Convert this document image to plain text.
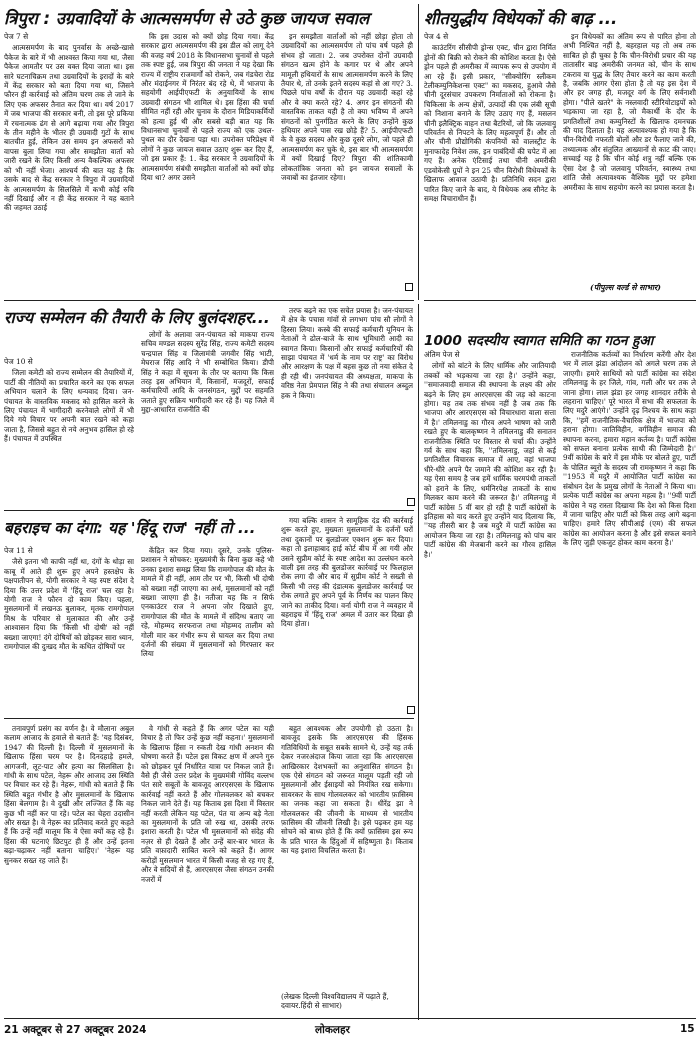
त्रिपुरा : उग्रवादियों के आत्मसमर्पण से उठे कुछ जायज सवाल
पेज 7 से

आत्मसमर्पण के बाद पुनर्वास के अच्छे-खासे पैकेज के बारे में भी आश्वस्त किया गया था, जैसा पैकेज आमतौर पर उस वक्त दिया जाता था। इस सारे घटनाचिक्रम तथा उग्रवादियों के इरादों के बारे में केंद्र सरकार को बता दिया गया था, जिसने फौरन ही कार्रवाई को अंतिम चरण तक ले जाने के लिए एक अफसर तैनात कर दिया था। वर्ष 2017 में जब भाजपा की सरकार बनी, तो इस पूरे प्रकिया में रचनात्मक ढंग से आगे बढ़ाया गया और त्रिपुरा के तीन महीने के भीतर ही उग्रवादी गुटों के साथ बातचीत हुई, लेकिन उस समय इन अफसरों को वापस बुला लिया गया और समझौता वार्ता को जारी रखने के लिए किसी अन्य वैकल्पिक अफसर को भी नहीं भेजा। आश्चर्य की बात यह है कि उसके बाद से केंद्र सरकार ने त्रिपुरा में उग्रवादियों के आत्मसमर्पण के सिलसिले में कभी कोई रुचि नहीं दिखाई और न ही केंद्र सरकार ने यह बताने की जहमत उठाई

कि इस उदास को क्यों छोड़ दिया गया। केंद्र सरकार द्वारा आत्मसमर्पण की इस डील को लागू देने की वजह वर्ष 2018 के विधानसभा चुनावों से पहले तक स्पष्ट हुई, जब त्रिपुरा की जनता ने यह देखा कि राज्य में राष्ट्रीय राजमार्गों को रोकने, जब गंडचेरा रोड और मंदाईनगर में निरंतर बंद रहे थे, में भाजपा के सहयोगी आईपीएफटी के अनुयायियों के साथ उग्रवादी संगठन भी शामिल थे। इस हिंसा की चर्चा सीमित नहीं रही और चुनाव के दौरान मिडियाकर्मियों को हत्या हुई थी और सबसे बड़ी बात यह कि विधानसभा चुनावों से पहले राज्य को एक उथल-पुथल का दौर देखना पड़ा था। उपरोक्त परिप्रेक्ष्य में लोगों ने कुछ जायज सवाल उठाए शुरू कर दिए हैं, जो इस प्रकार हैं: 1. केंद्र सरकार ने उग्रवादियों के आत्मसमर्पण संबंधी समझौता वार्ताओं को क्यों छोड़ दिया था? अगर उसने

इन समझौता वार्ताओं को नहीं छोड़ा होता तो उग्रवादियों का आत्मसमर्पण तो पांच वर्ष पहले ही संभव हो जाता। 2. जब उपरोक्त दोनों उग्रवादी संगठन खत्म होने के कगार पर थे और अपने मामूली हथियारों के साथ आत्मसमर्पण करने के लिए तैयार थे, तो उनके इतने सदस्य कहां से आ गए? 3. पिछले पांच वर्षों के दौरान यह उग्रवादी कहां रहे और वे क्या करते रहे? 4. अगर इन संगठनों की वास्तविक ताकत यही है तो क्या भविष्य में अपने संगठनों को पुनर्गठित करने के लिए उन्होंने कुछ हथियार अपने पास रख छोड़े हैं? 5. आईपीएफटी के वे कुछ सदस्य और कुछ दूसरे लोग, जो पहले ही आत्मसमर्पण कर चुके थे, इस बार भी आत्मसमर्पण में क्यों दिखाई दिए? त्रिपुरा की शांतिकामी लोकतांत्रिक जनता को इन जायज सवालों के जवाबों का इंतजार रहेगा।

शीतयुद्धीय विधेयकों की बाढ़ ...
पेज 4 से

काउंटरिंग सीसीपी ड्रोन्स एक्ट, चीन द्वारा निर्मित ड्रोनों की बिक्री को रोकने की कोशिश करता है। ऐसे ड्रोन पहले ही अमरीका में व्यापक रूप से उपयोग में आ रहे हैं। इसी प्रकार, "सीक्योरिंग स्लीकम टेलीकम्युनिकेशन्स एक्ट" का मकसद, हुआवे जैसे चीनी दूरसंचार उपकरण निर्माताओं को रोकना है। चिकित्सा के अन्य क्षेत्रों, उत्पादों की एक लंबी सूची को निशाना बनाने के लिए उठाए गए हैं, मसलन चीनी इलैक्ट्रिक वाहन तथा बैटरियों, जो कि जलवायु परिवर्तन से निपटने के लिए महत्वपूर्ण हैं। और तो और चीनी प्रौद्योगिकी कंपनियों को वालस्ट्रीट के मुनाफादेह निवेश तक, इन पाबंदियों की चपेट में आ गए हैं। अनेक एंटिसाई तथा चीनी अमरीकी एडवोकेसी ग्रुपों ने इन 25 चीन विरोधी विधेयकों के खिलाफ आवाज उठायी है। प्रतिनिधि सदन द्वारा पारित किए जाने के बाद, ये विधेयक अब सीनेट के समक्ष विचाराधीन हैं।

इन विधेयकों का अंतिम रूप से पारित होना तो अभी निश्चित नहीं है, बहरहाल यह तो अब तक साबित हो ही चुका है कि चीन-विरोधी प्रचार की यह तातासीर बाइ अमरीकी जनमत को, चीन के साथ टकराव या युद्ध के लिए तैयार करने का काम करती है, जबकि आगर ऐसा होता है तो यह इस देश में और हर जगह ही, मजदूर वर्ग के लिए सर्वनाशी होगा। "पीले खतरे" के नस्लवादी स्टीरियोटाइपों को भड़काया जा रहा है, जो मैकार्थी के दौर के प्रगतिशीलों तथा कम्युनिस्टों के खिलाफ दमनचक्र की याद दिलाता है। यह अत्यावश्यक हो गया है कि चीन-विरोधी नफरती बोलों और डर फैलाए जाने की, तथ्यात्मक और संतुलित आख्यानों से काट की जाए। सच्चाई यह है कि चीन कोई शत्रु नहीं बल्कि एक ऐसा देश है जो जलवायु परिवर्तन, स्वास्थ्य तथा शांति जैसे अत्यावश्यक वैश्विक मुद्दों पर हमेशा अमरीका के साथ सहयोग करने का प्रयास करता है।

(पीपुल्स वर्ल्ड से साभार)
राज्य सम्मेलन की तैयारी के लिए बुलंदशहर...
पेज 10 से

जिला कमेटी को राज्य सम्मेलन की तैयारियों में, पार्टी की नीतियों का प्रचारित करने का एक सफल अभियान चलाने के लिए धन्यवाद दिया। जन-पंचायत के वास्तविक मकसद को हासिल करने के लिए पंचायत में भागीदारी करनेवाले लोगों में भी दिये गये विचार पर अपनी बात रखने को कहा जाता है, जिससे बहुत से नये अनुभव हासिल हो रहे हैं। पंचायत में उपस्थित

लोगों के अलावा जन-पंचायत को माकपा राज्य सचिव मण्डल सदस्य सुरेंद्र सिंह, राज्य कमेटी सदस्य चन्द्रपाल सिंह व जिलामंत्री जगवीर सिंह भाटी, मेघराज सिंह आदि ने भी सम्बोधित किया। डीपी सिंह ने कहा में सूचना के तौर पर बताया कि किस तरह इस अभियान में, किसानों, मजदूरों, सफाई कर्मचारियों आदि के जनसंगठन, मुद्दों पर सहमति जताते हुए सक्रिय भागीदारी कर रहे हैं। यह जिले में मुद्दा-आधारित राजनीति की

तरफ बढ़ने का एक सचेत प्रयास है। जन-पंचायत में क्षेत्र के पचास गांवों से लगभग पांच सौ लोगों ने हिस्सा लिया। कस्बे की सफाई कर्मचारी यूनियन के नेताओं ने ढोल-बाजे के साथ भूमिधारी आदी का स्वागत किया। किसानों और सफाई कर्मचारियों की साझा पंचायत में 'धर्म के नाम पर राष्ट्र' का विरोध और आरक्षण के पक्ष में बहस कुछ तो नया संकेत दे ही रही थी। जनपंचायत की अध्यक्षता, माकपा के वरिष्ठ नेता प्रेमपाल सिंह ने की तथा संचालन अब्दुल हक ने किया।

बहराइच का दंगा: यह 'हिंदू राज' नहीं तो ...
पेज 11 से

जैसे इतना भी काफी नहीं था, दंगों के थोड़ा सा काबू में आते ही शुरू हुए अपने हस्तक्षेप के पक्षपातीपन से, योगी सरकार ने यह स्पष्ट संदेश दे दिया कि उत्तर प्रदेश में 'हिंदू राज' चल रहा है। योगी राज ने फौरन दो काम किए। पहला, मुसलमानों में लखनऊ बुलाकर, मृतक रामगोपाल मिश्र के परिवार से मुलाकात की और उन्हें आश्वासन दिया कि 'किसी भी दोषी' को नहीं बख्शा जाएगा! दंगे दोषियों को छोड़कर सारा ध्यान, रामगोपाल की दुःखद मौत के कथित दोषियों पर

केंद्रित कर दिया गया। दूसरे, उनके पुलिस-प्रशासन ने सोचकर: मुख्यमंत्री के बिना कुछ कहे भी उनका इशारा समझ लिया कि रामगोपाल की मौत के मामले में ही नहीं, आम तौर पर भी, किसी भी दोषी को बख्शा नहीं जाएगा का अर्थ, मुसलमानों को नहीं बख्शा जाएगा ही है। नतीजा यह कि न सिर्फ एनकाउंटर राज ने अपना जोर दिखाते हुए, रामगोपाल की मौत के मामले में संदिग्ध बताए जा रहे, मोहम्मद सरफराज तथा मोहम्मद तालीम को गोली मार कर गंभीर रूप से घायल कर दिया तथा दर्जनों की संख्या में मुसलमानों को गिरफ्तार कर लिया

गया बल्कि शासन ने सामूहिक दंड की कार्रवाई शुरू करते हुए, मुख्यतः मुसलमानों के दर्जनों घरों तथा दुकानों पर बुलडोजर एक्शन शुरू कर दिया। कहा तो इलाहाबाद हाई कोर्ट बीच में आ गयी और उसने सुप्रीम कोर्ट के स्पष्ट आदेश का उल्लंघन करने वाली इस तरह की बुलडोजर कार्रवाई पर फिलहाल रोक लगा दी और बाद में सुप्रीम कोर्ट ने सख्ती से किसी भी तरह की दंडात्मक बुलडोजर कार्रवाई पर रोक लगाते हुए अपने पूर्व के निर्णय का पालन किए जाने का ताकीद दिया। वर्ना योगी राज ने व्यवहार में बहराइच में 'हिंदू राज' अमल में उतार कर दिखा ही दिया होता।

1000 सदस्यीय स्वागत समिति का गठन हुआ
अंतिम पेज से

लोगों को बांटने के लिए धार्मिक और जातियादी तबकों को भड़काया जा रहा है।' उन्होंने कहा, ''समाजवादी समाज की स्थापना के लक्ष्य की ओर बढ़ने के लिए हम आरएसएस की जड़ को काटना होगा। यह तब तक संभव नहीं है जब तक कि भाजपा और आरएसएस को विचारधारा वाला सत्ता में है।' तमिलनाडु का गौरव अपने भाषण को जारी रखते हुए के बालकृष्णन ने तमिलनाडु की सनातन राजनीतिक स्थिति पर विस्तार से चर्चा की। उन्होंने गर्व के साथ कहा कि, ''तमिलनाडु, जहां से कई प्रगतिशील विचारक समाज में आए, वहां भाजपा धीरे-धीरे अपने पैर जमाने की कोशिश कर रही है। यह ऐसा समय है जब हमें धार्मिक चरमपंथी ताकतों को हराने के लिए, धर्मनिरपेक्ष ताकतों के साथ मिलकर काम करने की जरूरत है।' तमिलनाडु में पार्टी कांग्रेस 5 वीं बार हो रही है पार्टी कांग्रेसों के इतिहास को याद करते हुए उन्होंने याद दिलाया कि, ''यह तीसरी बार है जब मदुरै में पार्टी कांग्रेस का आयोजन किया जा रहा है। तमिलनाडु को पांच बार पार्टी कांग्रेस की मेजबानी करने का गौरव हासिल है।'

राजनीतिक कर्तव्यों का निर्धारण करेंगी और देश भर में लाल झंडा आंदोलन को अगले चरण तक ले जाएगी। हमारे साथियों को पार्टी कांग्रेस का संदेश तमिलनाडु के हर जिले, गांव, गली और घर तक ले जाना होगा। लाल झंडा हर जगह शानदार तरीके से लहराना चाहिए।' पूरे भारत में सभा की सफलता के लिए मदुरै आएंगे।' उन्होंने दृढ़ निश्चय के साथ कहा कि, ''हमें राजनीतिक-वैचारिक क्षेत्र में भाजपा को हराना होगा। जातिविहीन, वर्गविहीन समाज की स्थापना करना, हमारा महान कर्तव्य है। पार्टी कांग्रेस को सफल बनाना प्रत्येक साथी की जिम्मेदारी है।' 9वीं कांग्रेस के बारे में इस मौके पर बोलते हुए, पार्टी के पोलित ब्यूरो के सदस्य जी रामकृष्णन ने कहा कि ''1953 में मदुरै में आयोजित पार्टी कांग्रेस का संबोधन देश के प्रमुख लोगों के नेताओं ने किया था। प्रत्येक पार्टी कांग्रेस का अपना महत्व है। ''9वीं पार्टी कांग्रेस ने यह रास्ता दिखाया कि देश को किस दिशा में जाना चाहिए और पार्टी को किस तरह आगे बढ़ना चाहिए। हमारे लिए सीपीआई (एम) की सफल कांग्रेस का आयोजन करना है और इसे सफल बनाने के लिए जुड़ी एकजुट होकर काम करना है।'

तनावपूर्ण प्रसंग का वर्णन है। वे मौलाना अबुल कलाम आजाद के हवाले से बताते हैं: 'यह दिसंबर, 1947 की दिल्ली है। दिल्ली में मुसलमानों के खिलाफ हिंसा चरम पर है। दिनदहाड़े हमले, आगजनी, लूट-पाट और हत्या का सिलसिला है। गांधी के साथ पटेल, नेहरू और आजाद उस स्थिति पर विचार कर रहे हैं। नेहरू, गांधी को बताते हैं कि स्थिति बहुत गंभीर है और मुसलमानों के खिलाफ हिंसा बेलगाम है। वे दुखी और लज्जित हैं कि वह कुछ भी नहीं कर पा रहे। पटेल का चेहरा उदासीन और सख्त है। वे नेहरू का प्रतिवाद करते हुए कहते हैं कि उन्हें नहीं मालूम कि वे ऐसा क्यों कह रहे हैं। हिंसा की घटनाएं छिटपुट ही हैं और उन्हें इतना बढ़ा-चढ़ाकर नहीं बताना चाहिए।' 'नेहरू यह सुनकर सख्त रह जाते हैं।

वे गांधी से कहते हैं कि अगर पटेल का यही विचार है तो फिर उन्हें कुछ नहीं कहना।' मुसलमानों के खिलाफ हिंसा न रुकती देख गांधी अनशन की घोषणा करते हैं। पटेल इस विकट क्षण में अपने गुरु को छोड़कर पूर्व निर्धारित यात्रा पर निकल जाते हैं। वैसे ही जैसे उत्तर प्रदेश के मुख्यमंत्री गोविंद वल्लभ पंत सारे सबूतों के बावजूद आरएसएस के खिलाफ कार्रवाई नहीं करते हैं और गोलवलकर को बचकर निकल जाने देते हैं। यह किताब इस दिशा में विस्तार नहीं करती लेकिन यह पटेल, पंत या अन्य बड़े नेता का मुसलमानों के प्रति जो रुख था, उसकी तरफ इशारा करती है। पटेल भी मुसलमानों को संदेह की नज़र से ही देखते हैं और उन्हें बार-बार भारत के प्रति वफ़ादारी साबित करने को कहते हैं। आगर करोड़ों मुसलमान भारत में किसी वजह से रह गए हैं, और वे सदियों से हैं, आरएसएस जैसा संगठन उनकी नजरों में

बहुत आवश्यक और उपयोगी हो उठता है। बावजूद इसके कि आरएसएस की हिंसक गतिविधियों के सबूत सबके सामने थे, उन्हें यह तर्क देकर नजरअंदाज किया जाता रहा कि आरएसएस आखिरकार देशभक्तों का अनुशासित संगठन है। एक ऐसे संगठन को जरूरत मालूम पड़ती रही जो मुसलमानों और ईसाइयों को नियंत्रित रख सकेगा। सावरकर के साथ गोलवलकर को भारतीय फ़ासिस्म का जनक कहा जा सकता है। धीरेंद्र झा ने गोलवलकर की जीवनी के माध्यम से भारतीय फ़ासिस्म की जीवनी लिखी है। इसे पढ़कर हम यह सोचने को बाध्य होते हैं कि क्यों फ़ासिस्म इस रूप के प्रति भारत के हिंदुओं में सहिष्णुता है। किताब का यह इशारा विचलित करता है।

(लेखक दिल्ली विश्वविद्यालय में पढ़ाते हैं, दवायर.हिंदी से साभार)
21 अक्टूबर से 27 अक्टूबर 2024	लोकलहर	15
